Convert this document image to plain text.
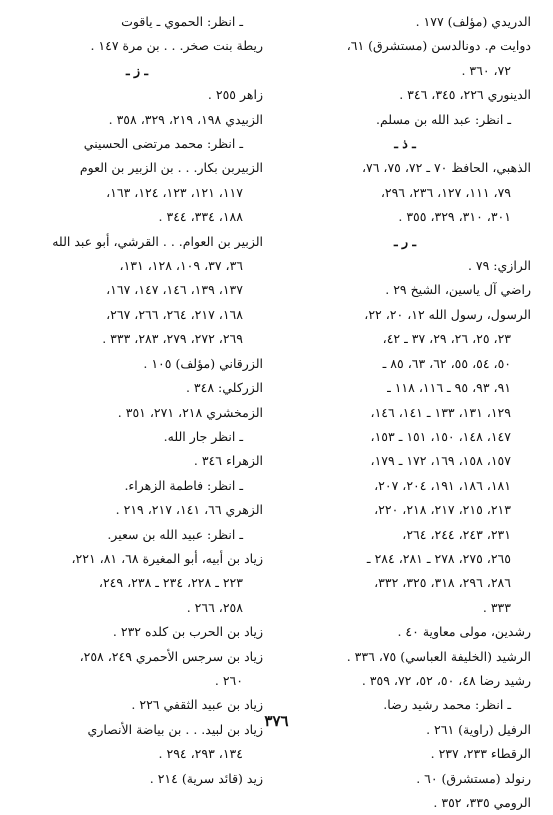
الدريدي (مؤلف) ١٧٧ .
دوايت م. دونالدسن (مستشرق) ٦١،
٧٢، ٣٦٠ .
الدينوري ٢٢٦، ٣٤٥، ٣٤٦ .
ـ انظر: عبد الله بن مسلم.
ـ ذ ـ
الذهبي، الحافظ ٧٠ ـ ٧٢، ٧٥، ٧٦،
٧٩، ١١١، ١٢٧، ٢٣٦، ٢٩٦،
٣٠١، ٣١٠، ٣٢٩، ٣٥٥ .
ـ ر ـ
الرازي: ٧٩ .
راضي آل ياسين، الشيخ ٢٩ .
الرسول، رسول الله ١٢، ٢٠، ٢٢،
٢٣، ٢٥، ٢٦، ٢٩، ٣٧ ـ ٤٢،
٥٠، ٥٤، ٥٥، ٦٢، ٦٣، ٨٥ ـ
٩١، ٩٣، ٩٥ ـ ١١٦، ١١٨ ـ
١٢٩، ١٣١، ١٣٣ ـ ١٤١، ١٤٦،
١٤٧، ١٤٨، ١٥٠، ١٥١ ـ ١٥٣،
١٥٧، ١٥٨، ١٦٩، ١٧٢ ـ ١٧٩،
١٨١، ١٨٦، ١٩١، ٢٠٤، ٢٠٧،
٢١٣، ٢١٥، ٢١٧، ٢١٨، ٢٢٠،
٢٣١، ٢٤٣، ٢٤٤، ٢٦٤،
٢٦٥، ٢٧٥، ٢٧٨ ـ ٢٨١، ٢٨٤ ـ
٢٨٦، ٢٩٦، ٣١٨، ٣٢٥، ٣٣٢،
٣٣٣ .
رشدين، مولى معاوية ٤٠ .
الرشيد (الخليفة العباسي) ٧٥، ٣٣٦ .
رشيد رضا ٤٨، ٥٠، ٥٢، ٧٢، ٣٥٩ .
ـ انظر: محمد رشيد رضا.
الرفيل (راوية) ٢٦١ .
الرقطاء ٢٣٣، ٢٣٧ .
رنولد (مستشرق) ٦٠ .
الرومي ٣٣٥، ٣٥٢ .
ـ انظر: الحموي ـ ياقوت
ريطة بنت صخر. . . بن مرة ١٤٧ .
ـ ز ـ
زاهر ٢٥٥ .
الزبيدي ١٩٨، ٢١٩، ٣٢٩، ٣٥٨ .
ـ انظر: محمد مرتضى الحسيني
الزبيربن بكار. . . بن الزبير بن العوم
١١٧، ١٢١، ١٢٣، ١٢٤، ١٦٣،
١٨٨، ٣٣٤، ٣٤٤ .
الزبير بن العوام. . . القرشي، أبو عبد الله
٣٦، ٣٧، ١٠٩، ١٢٨، ١٣١،
١٣٧، ١٣٩، ١٤٦، ١٤٧، ١٦٧،
١٦٨، ٢١٧، ٢٦٤، ٢٦٦، ٢٦٧،
٢٦٩، ٢٧٢، ٢٧٩، ٢٨٣، ٣٣٣ .
الزرقاني (مؤلف) ١٠٥ .
الزركلي: ٣٤٨ .
الزمخشري ٢١٨، ٢٧١، ٣٥١ .
ـ انظر جار الله.
الزهراء ٣٤٦ .
ـ انظر: فاطمة الزهراء.
الزهري ٦٦، ١٤١، ٢١٧، ٢١٩ .
ـ انظر: عبيد الله بن سعير.
زياد بن أبيه، أبو المغيرة ٦٨، ٨١، ٢٢١،
٢٢٣ ـ ٢٢٨، ٢٣٤ ـ ٢٣٨، ٢٤٩،
٢٥٨، ٢٦٦ .
زياد بن الحرب بن كلده ٢٣٢ .
زياد بن سرجس الأحمري ٢٤٩، ٢٥٨،
٢٦٠ .
زياد بن عبيد الثقفي ٢٢٦ .
زياد بن لبيد. . . بن بياضة الأنصاري
١٣٤، ٢٩٣، ٢٩٤ .
زيد (قائد سرية) ٢١٤ .
٣٧٦
